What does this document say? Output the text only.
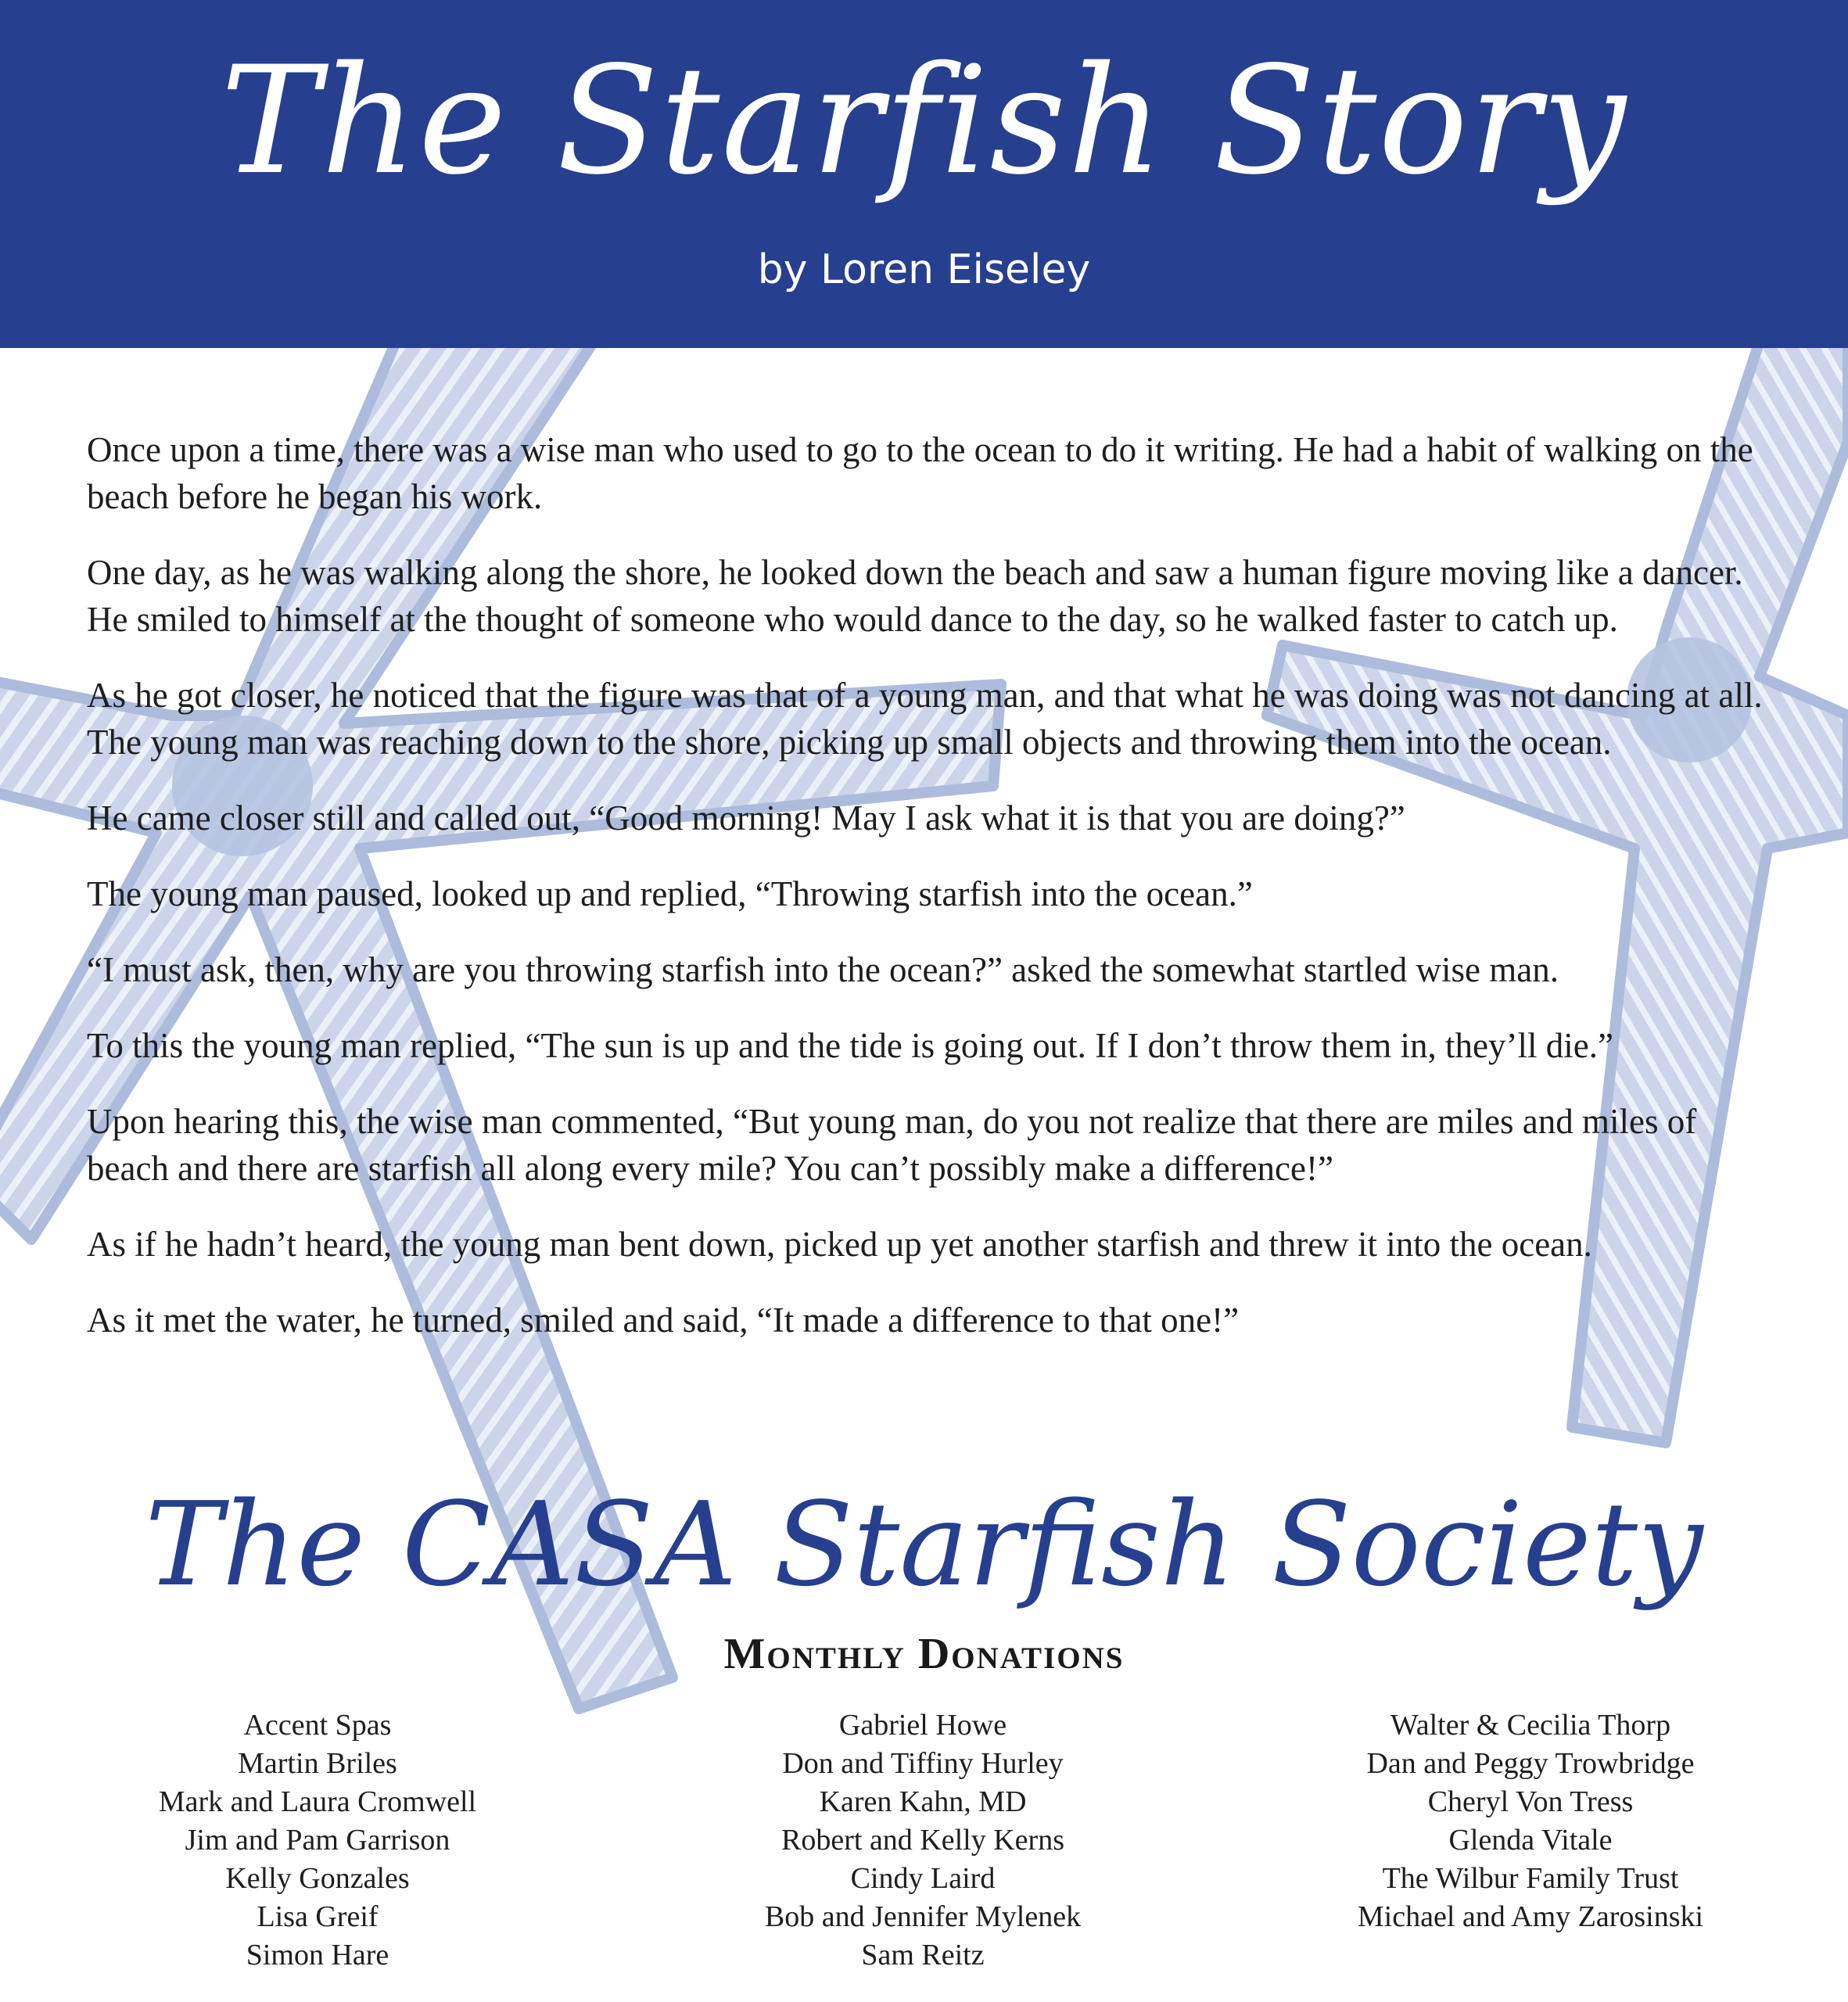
The Starfish Story
by Loren Eiseley

Once upon a time, there was a wise man who used to go to the ocean to do it writing. He had a habit of walking on the beach before he began his work.

One day, as he was walking along the shore, he looked down the beach and saw a human figure moving like a dancer. He smiled to himself at the thought of someone who would dance to the day, so he walked faster to catch up.

As he got closer, he noticed that the figure was that of a young man, and that what he was doing was not dancing at all. The young man was reaching down to the shore, picking up small objects and throwing them into the ocean.

He came closer still and called out, “Good morning! May I ask what it is that you are doing?”

The young man paused, looked up and replied, “Throwing starfish into the ocean.”

“I must ask, then, why are you throwing starfish into the ocean?” asked the somewhat startled wise man.

To this the young man replied, “The sun is up and the tide is going out. If I don’t throw them in, they’ll die.”

Upon hearing this, the wise man commented, “But young man, do you not realize that there are miles and miles of beach and there are starfish all along every mile? You can’t possibly make a difference!”

As if he hadn’t heard, the young man bent down, picked up yet another starfish and threw it into the ocean.

As it met the water, he turned, smiled and said, “It made a difference to that one!”

The CASA Starfish Society
Monthly Donations
Accent Spas
Martin Briles
Mark and Laura Cromwell
Jim and Pam Garrison
Kelly Gonzales
Lisa Greif
Simon Hare
Gabriel Howe
Don and Tiffiny Hurley
Karen Kahn, MD
Robert and Kelly Kerns
Cindy Laird
Bob and Jennifer Mylenek
Sam Reitz
Walter & Cecilia Thorp
Dan and Peggy Trowbridge
Cheryl Von Tress
Glenda Vitale
The Wilbur Family Trust
Michael and Amy Zarosinski
